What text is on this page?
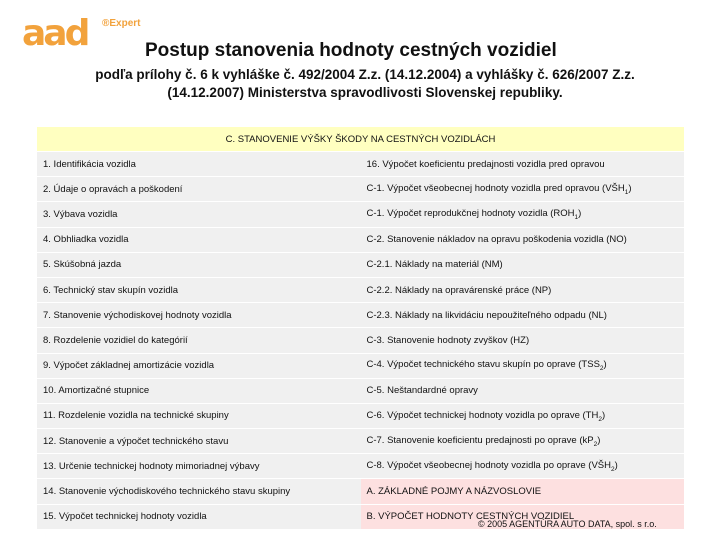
aad ®Expert
Postup stanovenia hodnoty cestných vozidiel
podľa prílohy č. 6 k vyhláške č. 492/2004 Z.z. (14.12.2004) a vyhlášky č. 626/2007 Z.z. (14.12.2007) Ministerstva spravodlivosti Slovenskej republiky.
C. STANOVENIE VÝŠKY ŠKODY NA CESTNÝCH VOZIDLÁCH	
1. Identifikácia vozidla	16. Výpočet koeficientu predajnosti vozidla pred opravou
2. Údaje o opravách a poškodení	C-1. Výpočet všeobecnej hodnoty vozidla pred opravou $(VŠH_1)$
3. Výbava vozidla	C-1. Výpočet reprodukčnej hodnoty vozidla $(ROH_1)$
4. Obhliadka vozidla	C-2. Stanovenie nákladov na opravu poškodenia vozidla (NO)
5. Skúšobná jazda	C-2.1. Náklady na materiál (NM)
6. Technický stav skupín vozidla	C-2.2. Náklady na opravárenské práce (NP)
7. Stanovenie východiskovej hodnoty vozidla	C-2.3. Náklady na likvidáciu nepoužiteľného odpadu (NL)
8. Rozdelenie vozidiel do kategórií	C-3. Stanovenie hodnoty zvyškov (HZ)
9. Výpočet základnej amortizácie vozidla	C-4. Výpočet technického stavu skupín po oprave $(TSS_2)$
10. Amortizačné stupnice	C-5. Neštandardné opravy
11. Rozdelenie vozidla na technické skupiny	C-6. Výpočet technickej hodnoty vozidla po oprave $(TH_2)$
12. Stanovenie a výpočet technického stavu	C-7. Stanovenie koeficientu predajnosti po oprave $(kP_2)$
13. Určenie technickej hodnoty mimoriadnej výbavy	C-8. Výpočet všeobecnej hodnoty vozidla po oprave $(VŠH_2)$
14. Stanovenie východiskového technického stavu skupiny	A. ZÁKLADNÉ POJMY A NÁZVOSLOVIE
15. Výpočet technickej hodnoty vozidla	B. VÝPOČET HODNOTY CESTNÝCH VOZIDIEL
© 2005 AGENTÚRA AUTO DATA, spol. s r.o.
